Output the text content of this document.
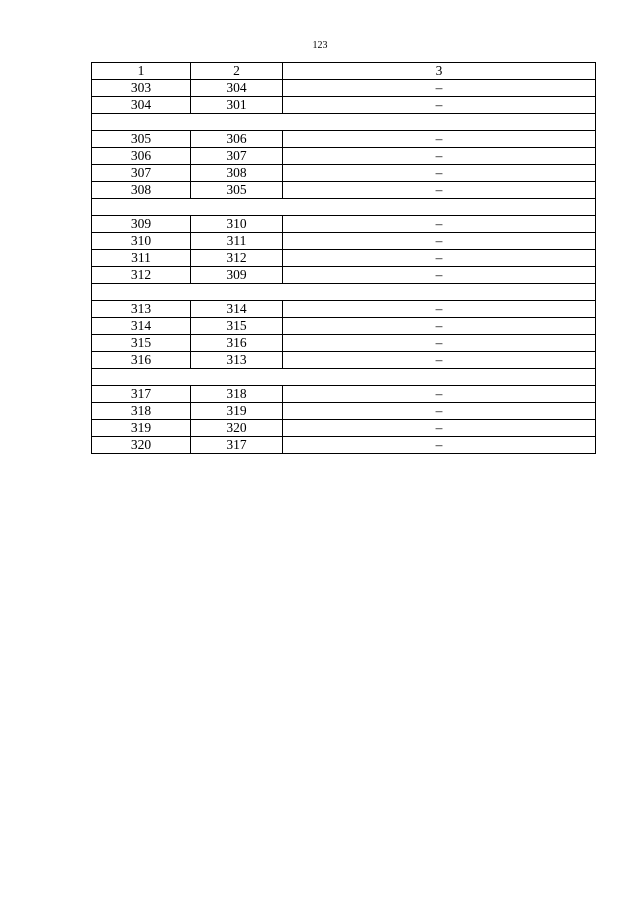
123
1	2	3
303	304	–
304	301	–

305	306	–
306	307	–
307	308	–
308	305	–

309	310	–
310	311	–
311	312	–
312	309	–

313	314	–
314	315	–
315	316	–
316	313	–

317	318	–
318	319	–
319	320	–
320	317	–
